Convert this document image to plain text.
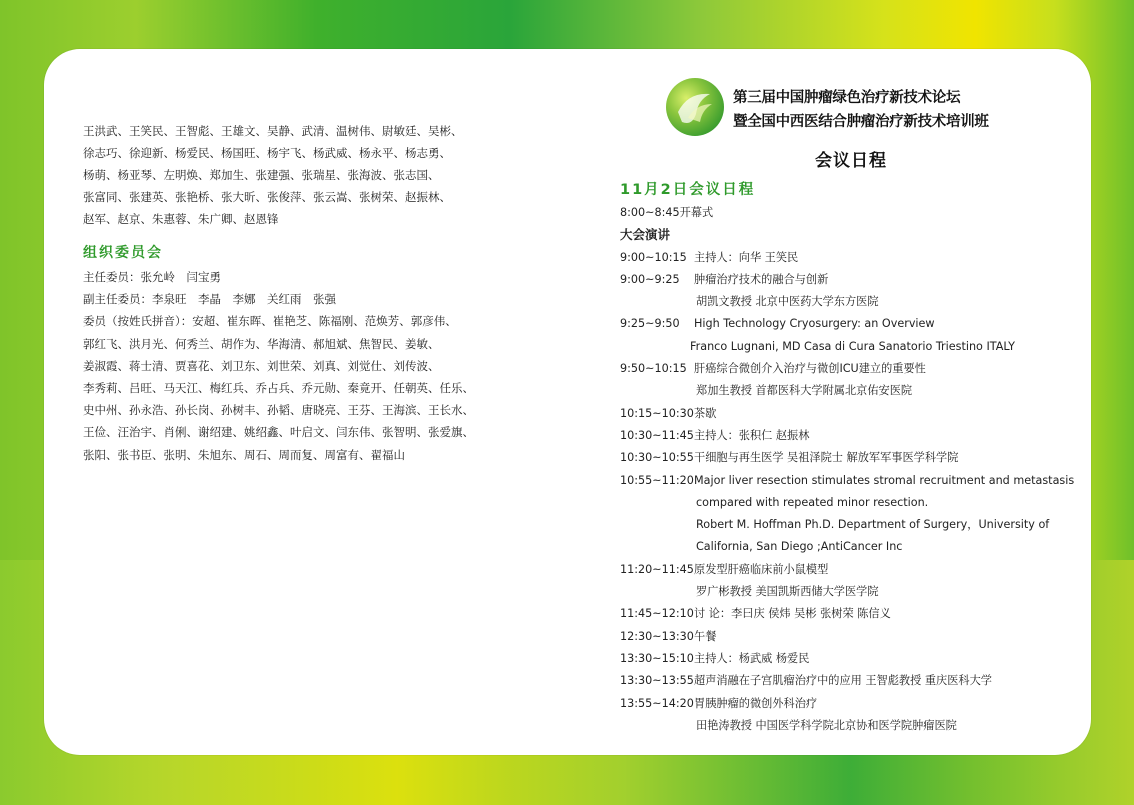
王洪武、王笑民、王智彪、王雄文、吴静、武清、温树伟、尉敏廷、吴彬、

徐志巧、徐迎新、杨爱民、杨国旺、杨宇飞、杨武威、杨永平、杨志勇、

杨萌、杨亚琴、左明焕、郑加生、张建强、张瑞星、张海波、张志国、

张富同、张建英、张艳桥、张大昕、张俊萍、张云嵩、张树荣、赵振林、

赵军、赵京、朱惠蓉、朱广卿、赵恩锋

组织委员会
主任委员：张允岭　闫宝勇
副主任委员：李泉旺　李晶　李娜　关红雨　张强
委员（按姓氏拼音）：安超、崔东晖、崔艳芝、陈福刚、范焕芳、郭彦伟、
郭红飞、洪月光、何秀兰、胡作为、华海清、郝旭斌、焦智民、姜敏、
姜淑霞、蒋士清、贾喜花、刘卫东、刘世荣、刘真、刘觉仕、刘传波、
李秀莉、吕旺、马天江、梅红兵、乔占兵、乔元勋、秦竟开、任朝英、任乐、
史中州、孙永浩、孙长岗、孙树丰、孙韬、唐晓亮、王芬、王海滨、王长水、
王俭、汪治宇、肖俐、谢绍建、姚绍鑫、叶启文、闫东伟、张智明、张爱旗、
张阳、张书臣、张明、朱旭东、周石、周而复、周富有、翟福山
第三届中国肿瘤绿色治疗新技术论坛
暨全国中西医结合肿瘤治疗新技术培训班
会议日程
11月2日会议日程
8:00~8:45开幕式
大会演讲
9:00~10:15 主持人：向华 王笑民
9:00~9:25	肿瘤治疗技术的融合与创新
胡凯文教授 北京中医药大学东方医院
9:25~9:50	High Technology Cryosurgery: an Overview
Franco Lugnani, MD Casa di Cura Sanatorio Triestino ITALY
9:50~10:15 肝癌综合微创介入治疗与微创ICU建立的重要性
郑加生教授 首都医科大学附属北京佑安医院
10:15~10:30 茶歇
10:30~11:45 主持人：张积仁 赵振林
10:30~10:55 干细胞与再生医学 吴祖泽院士 解放军军事医学科学院
10:55~11:20 Major liver resection stimulates stromal recruitment and metastasis
compared with repeated minor resection.
Robert M. Hoffman Ph.D. Department of Surgery，University of
California, San Diego ;AntiCancer Inc
11:20~11:45 原发型肝癌临床前小鼠模型
罗广彬教授 美国凯斯西储大学医学院
11:45~12:10 讨 论：李曰庆 侯炜 吴彬 张树荣 陈信义
12:30~13:30 午餐
13:30~15:10 主持人：杨武威 杨爱民
13:30~13:55 超声消融在子宫肌瘤治疗中的应用 王智彪教授 重庆医科大学
13:55~14:20 胃胰肿瘤的微创外科治疗
田艳涛教授 中国医学科学院北京协和医学院肿瘤医院
